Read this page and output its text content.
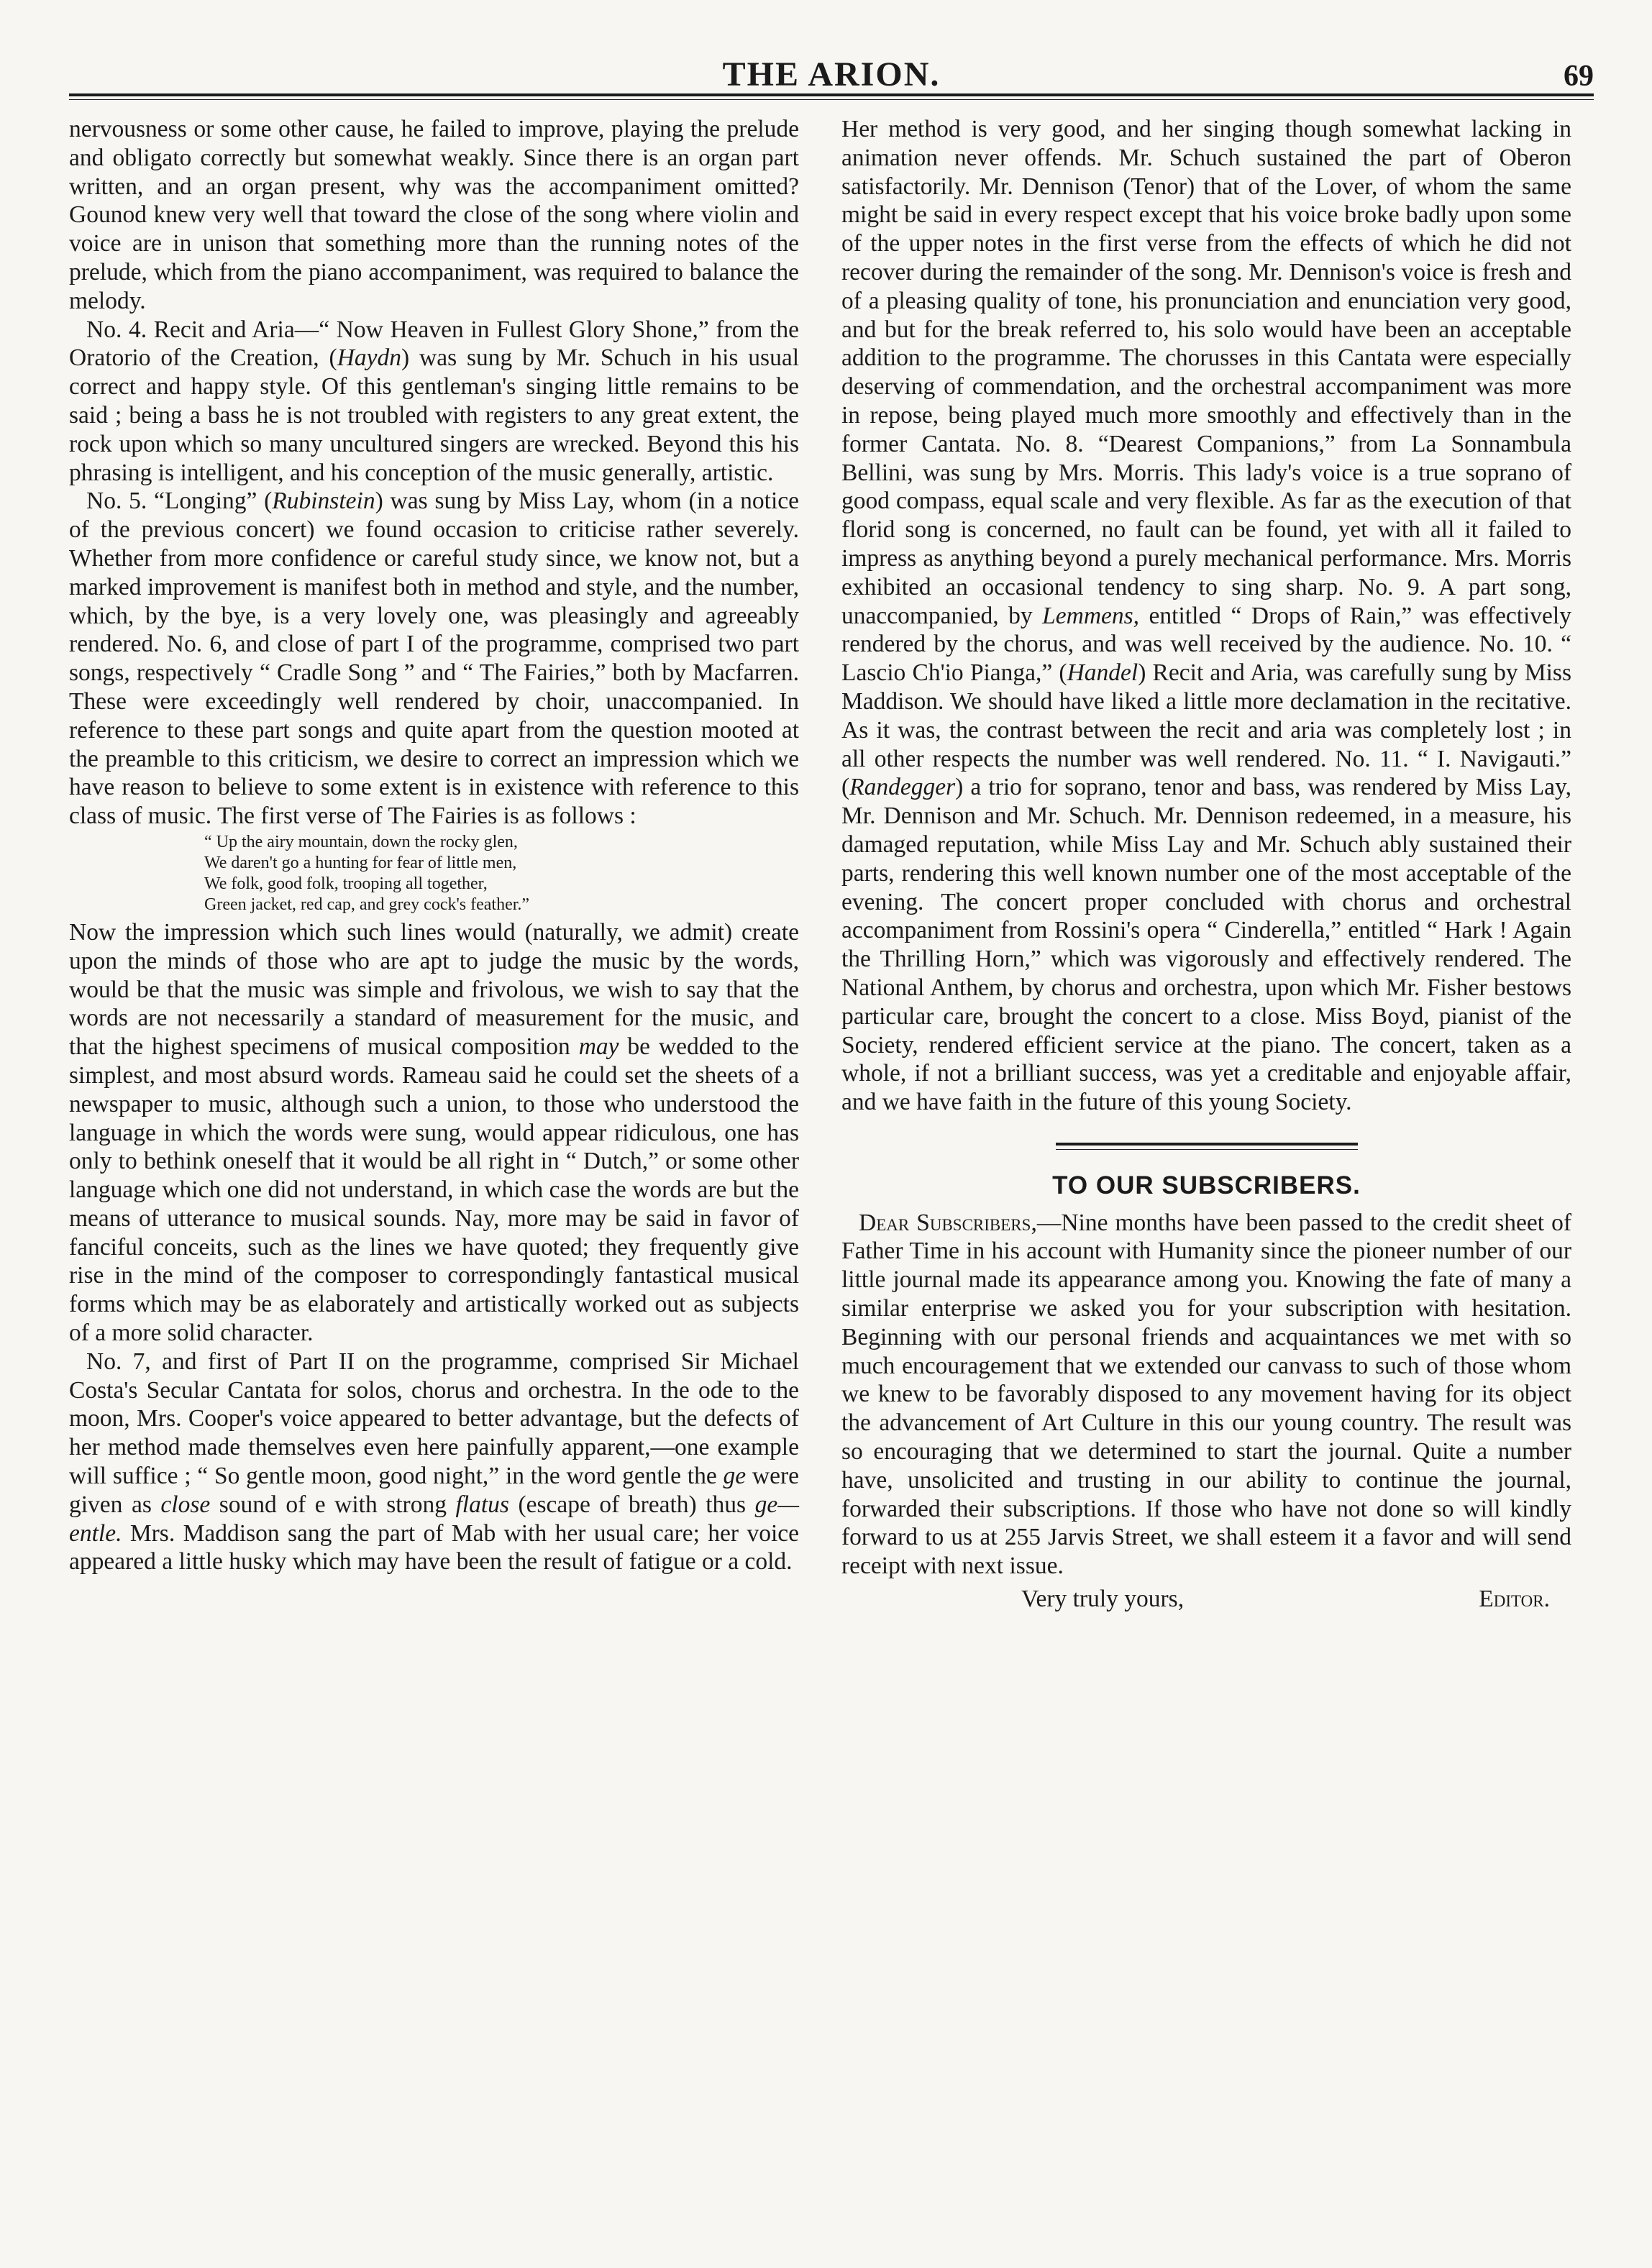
THE ARION.	69

nervousness or some other cause, he failed to improve, playing the prelude and obligato correctly but somewhat weakly. Since there is an organ part written, and an organ present, why was the accompaniment omitted? Gounod knew very well that toward the close of the song where violin and voice are in unison that something more than the running notes of the prelude, which from the piano accompaniment, was required to balance the melody.

No. 4. Recit and Aria—“ Now Heaven in Fullest Glory Shone,” from the Oratorio of the Creation, (Haydn) was sung by Mr. Schuch in his usual correct and happy style. Of this gentleman's singing little remains to be said ; being a bass he is not troubled with registers to any great extent, the rock upon which so many uncultured singers are wrecked. Beyond this his phrasing is intelligent, and his conception of the music generally, artistic.

No. 5. “Longing” (Rubinstein) was sung by Miss Lay, whom (in a notice of the previous concert) we found occasion to criticise rather severely. Whether from more confidence or careful study since, we know not, but a marked improvement is manifest both in method and style, and the number, which, by the bye, is a very lovely one, was pleasingly and agreeably rendered. No. 6, and close of part I of the programme, comprised two part songs, respectively “ Cradle Song ” and “ The Fairies,” both by Macfarren. These were exceedingly well rendered by choir, unaccompanied. In reference to these part songs and quite apart from the question mooted at the preamble to this criticism, we desire to correct an impression which we have reason to believe to some extent is in existence with reference to this class of music. The first verse of The Fairies is as follows :

“ Up the airy mountain, down the rocky glen,
We daren't go a hunting for fear of little men,
We folk, good folk, trooping all together,
Green jacket, red cap, and grey cock's feather.”

Now the impression which such lines would (naturally, we admit) create upon the minds of those who are apt to judge the music by the words, would be that the music was simple and frivolous, we wish to say that the words are not necessarily a standard of measurement for the music, and that the highest specimens of musical composition may be wedded to the simplest, and most absurd words. Rameau said he could set the sheets of a newspaper to music, although such a union, to those who understood the language in which the words were sung, would appear ridiculous, one has only to bethink oneself that it would be all right in “ Dutch,” or some other language which one did not understand, in which case the words are but the means of utterance to musical sounds. Nay, more may be said in favor of fanciful conceits, such as the lines we have quoted; they frequently give rise in the mind of the composer to correspondingly fantastical musical forms which may be as elaborately and artistically worked out as subjects of a more solid character.

No. 7, and first of Part II on the programme, comprised Sir Michael Costa's Secular Cantata for solos, chorus and orchestra. In the ode to the moon, Mrs. Cooper's voice appeared to better advantage, but the defects of her method made themselves even here painfully apparent,—one example will suffice ; “ So gentle moon, good night,” in the word gentle the ge were given as close sound of e with strong flatus (escape of breath) thus ge—entle. Mrs. Maddison sang the part of Mab with her usual care; her voice appeared a little husky which may have been the result of fatigue or a cold.

Her method is very good, and her singing though somewhat lacking in animation never offends. Mr. Schuch sustained the part of Oberon satisfactorily. Mr. Dennison (Tenor) that of the Lover, of whom the same might be said in every respect except that his voice broke badly upon some of the upper notes in the first verse from the effects of which he did not recover during the remainder of the song. Mr. Dennison's voice is fresh and of a pleasing quality of tone, his pronunciation and enunciation very good, and but for the break referred to, his solo would have been an acceptable addition to the programme. The chorusses in this Cantata were especially deserving of commendation, and the orchestral accompaniment was more in repose, being played much more smoothly and effectively than in the former Cantata. No. 8. “Dearest Companions,” from La Sonnambula Bellini, was sung by Mrs. Morris. This lady's voice is a true soprano of good compass, equal scale and very flexible. As far as the execution of that florid song is concerned, no fault can be found, yet with all it failed to impress as anything beyond a purely mechanical performance. Mrs. Morris exhibited an occasional tendency to sing sharp. No. 9. A part song, unaccompanied, by Lemmens, entitled “ Drops of Rain,” was effectively rendered by the chorus, and was well received by the audience. No. 10. “ Lascio Ch'io Pianga,” (Handel) Recit and Aria, was carefully sung by Miss Maddison. We should have liked a little more declamation in the recitative. As it was, the contrast between the recit and aria was completely lost ; in all other respects the number was well rendered. No. 11. “ I. Navigauti.” (Randegger) a trio for soprano, tenor and bass, was rendered by Miss Lay, Mr. Dennison and Mr. Schuch. Mr. Dennison redeemed, in a measure, his damaged reputation, while Miss Lay and Mr. Schuch ably sustained their parts, rendering this well known number one of the most acceptable of the evening. The concert proper concluded with chorus and orchestral accompaniment from Rossini's opera “ Cinderella,” entitled “ Hark ! Again the Thrilling Horn,” which was vigorously and effectively rendered. The National Anthem, by chorus and orchestra, upon which Mr. Fisher bestows particular care, brought the concert to a close. Miss Boyd, pianist of the Society, rendered efficient service at the piano. The concert, taken as a whole, if not a brilliant success, was yet a creditable and enjoyable affair, and we have faith in the future of this young Society.

TO OUR SUBSCRIBERS.

Dear Subscribers,—Nine months have been passed to the credit sheet of Father Time in his account with Humanity since the pioneer number of our little journal made its appearance among you. Knowing the fate of many a similar enterprise we asked you for your subscription with hesitation. Beginning with our personal friends and acquaintances we met with so much encouragement that we extended our canvass to such of those whom we knew to be favorably disposed to any movement having for its object the advancement of Art Culture in this our young country. The result was so encouraging that we determined to start the journal. Quite a number have, unsolicited and trusting in our ability to continue the journal, forwarded their subscriptions. If those who have not done so will kindly forward to us at 255 Jarvis Street, we shall esteem it a favor and will send receipt with next issue.

Very truly yours,	Editor.
